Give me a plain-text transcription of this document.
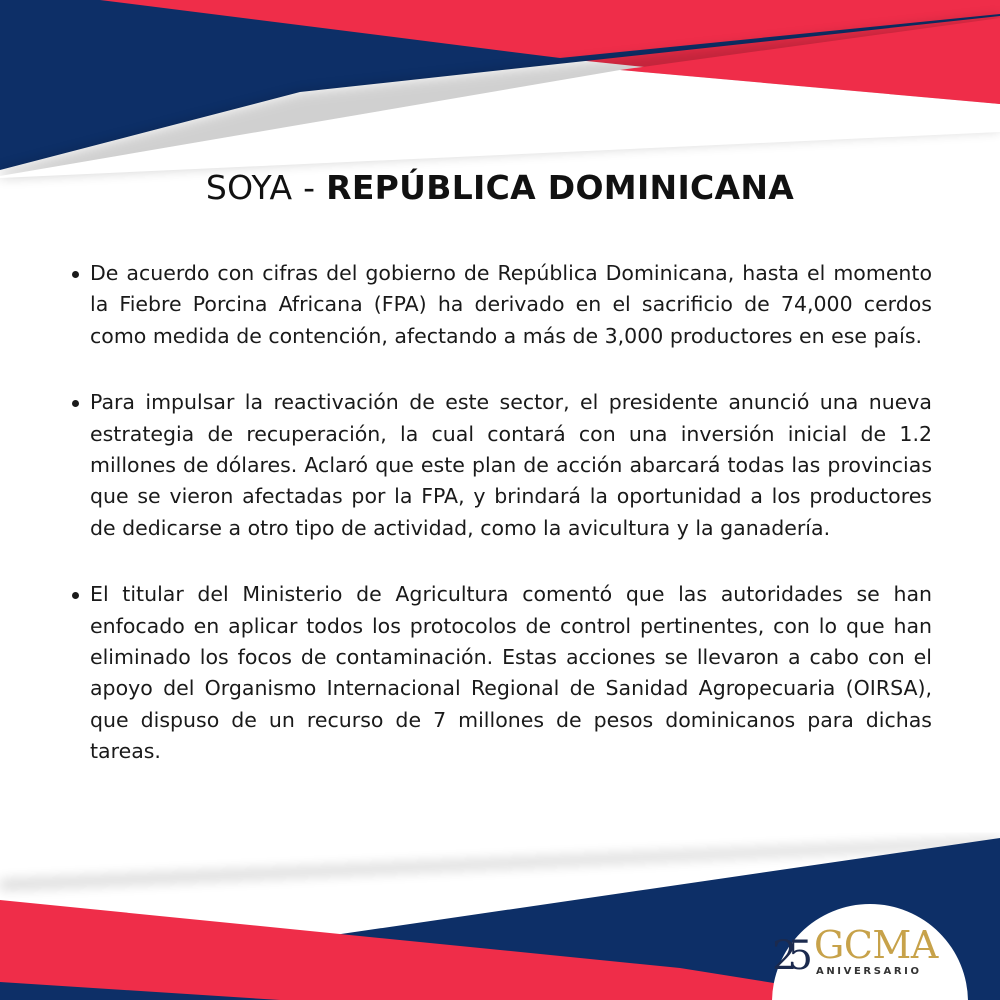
SOYA - REPÚBLICA DOMINICANA
De acuerdo con cifras del gobierno de República Dominicana, hasta el momento la Fiebre Porcina Africana (FPA) ha derivado en el sacrificio de 74,000 cerdos como medida de contención, afectando a más de 3,000 productores en ese país.
Para impulsar la reactivación de este sector, el presidente anunció una nueva estrategia de recuperación, la cual contará con una inversión inicial de 1.2 millones de dólares. Aclaró que este plan de acción abarcará todas las provincias que se vieron afectadas por la FPA, y brindará la oportunidad a los productores de dedicarse a otro tipo de actividad, como la avicultura y la ganadería.
El titular del Ministerio de Agricultura comentó que las autoridades se han enfocado en aplicar todos los protocolos de control pertinentes, con lo que han eliminado los focos de contaminación. Estas acciones se llevaron a cabo con el apoyo del Organismo Internacional Regional de Sanidad Agropecuaria (OIRSA), que dispuso de un recurso de 7 millones de pesos dominicanos para dichas tareas.
25 GCMA
ANIVERSARIO
